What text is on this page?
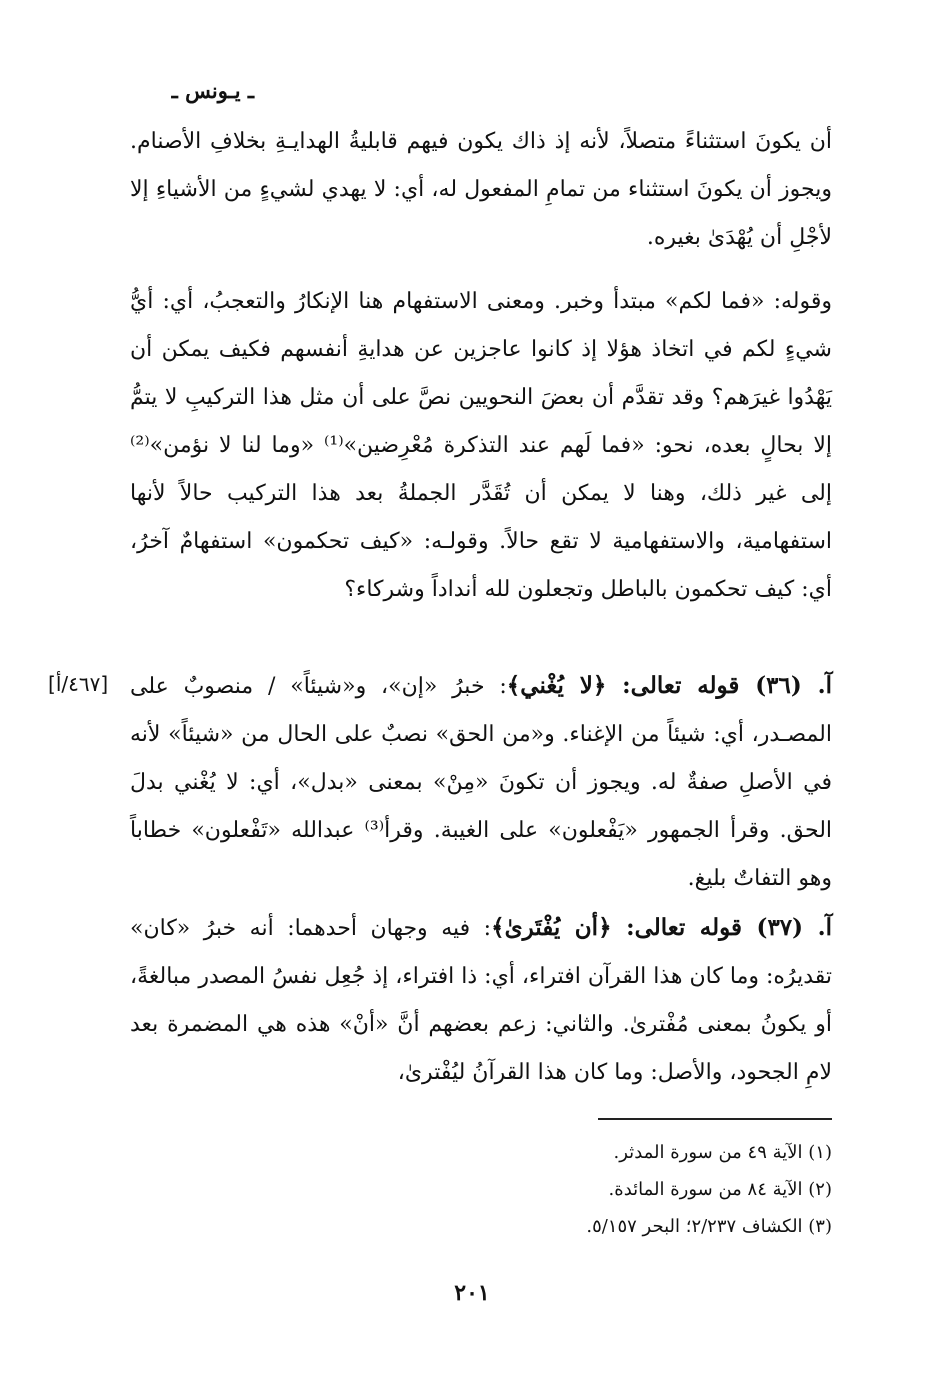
ـ يـونس ـ

أن يكونَ استثناءً متصلاً، لأنه إذ ذاك يكون فيهم قابليةُ الهدايـةِ بخلافِ الأصنام. ويجوز أن يكونَ استثناء من تمامِ المفعول له، أي: لا يهدي لشيءٍ من الأشياءِ إلا لأجْلِ أن يُهْدَىٰ بغيره.

وقوله: «فما لكم» مبتدأ وخبر. ومعنى الاستفهام هنا الإنكارُ والتعجبُ، أي: أيُّ شيءٍ لكم في اتخاذ هؤلا إذ كانوا عاجزين عن هدايةِ أنفسهم فكيف يمكن أن يَهْدُوا غيرَهم؟ وقد تقدَّم أن بعضَ النحويين نصَّ على أن مثل هذا التركيبِ لا يتمُّ إلا بحالٍ بعده، نحو: «فما لَهم عند التذكرة مُعْرِضين»⁽¹⁾ «وما لنا لا نؤمن»⁽²⁾ إلى غير ذلك، وهنا لا يمكن أن تُقَدَّر الجملةُ بعد هذا التركيب حالاً لأنها استفهامية، والاستفهامية لا تقع حالاً. وقولـه: «كيف تحكمون» استفهامٌ آخرُ، أي: كيف تحكمون بالباطل وتجعلون لله أنداداً وشركاء؟

[٤٦٧/أ]	آ. (٣٦) قوله تعالى: ﴿لا يُغْني﴾: خبرُ «إن»، و«شيئاً» / منصوبٌ على المصـدر، أي: شيئاً من الإغناء. و«من الحق» نصبٌ على الحال من «شيئاً» لأنه في الأصلِ صفةٌ له. ويجوز أن تكونَ «مِنْ» بمعنى «بدل»، أي: لا يُغْني بدلَ الحق. وقرأ الجمهور «يَفْعلون» على الغيبة. وقرأ⁽³⁾ عبدالله «تَفْعلون» خطاباً وهو التفاتٌ بليغ.

آ. (٣٧) قوله تعالى: ﴿أن يُفْتَرىٰ﴾: فيه وجهان أحدهما: أنه خبرُ «كان» تقديرُه: وما كان هذا القرآن افتراء، أي: ذا افتراء، إذ جُعِل نفسُ المصدر مبالغةً، أو يكونُ بمعنى مُفْترىٰ. والثاني: زعم بعضهم أنَّ «أنْ» هذه هي المضمرة بعد لامِ الجحود، والأصل: وما كان هذا القرآنُ ليُفْترىٰ،

(١) الآية ٤٩ من سورة المدثر.
(٢) الآية ٨٤ من سورة المائدة.
(٣) الكشاف ٢/٢٣٧؛ البحر ٥/١٥٧.
٢٠١
